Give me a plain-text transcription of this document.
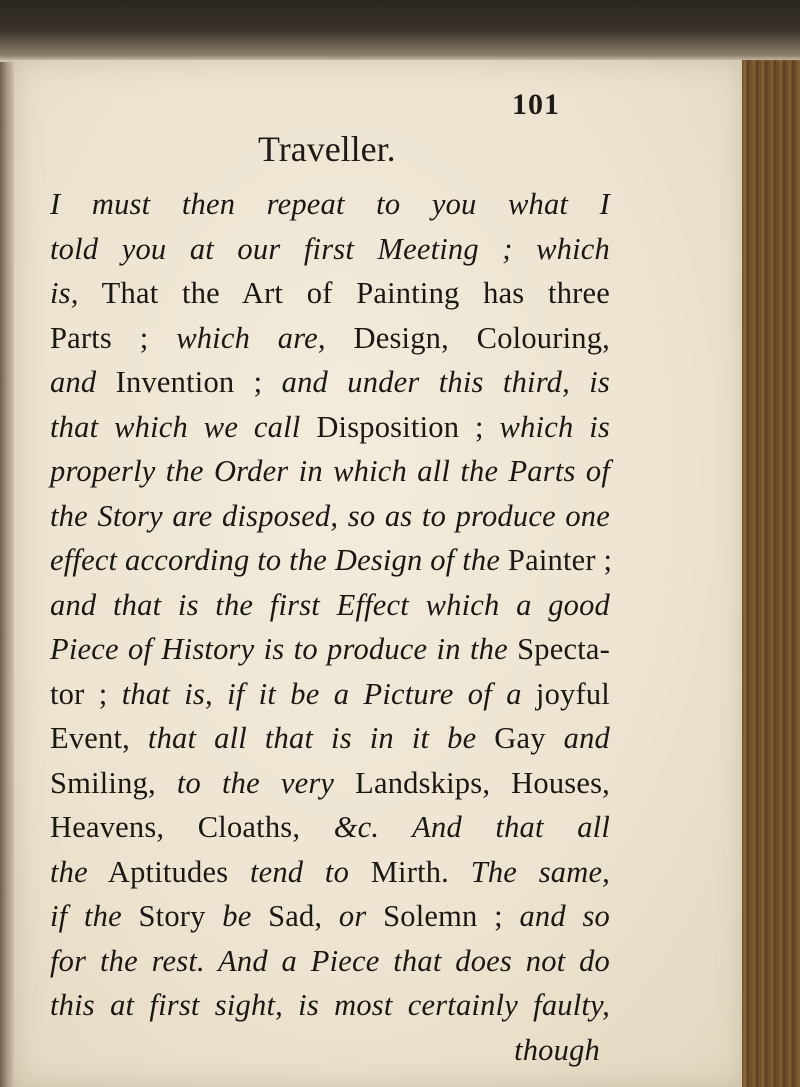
101
Traveller.
I must then repeat to you what I
told you at our first Meeting ; which
is, That the Art of Painting has three
Parts ; which are, Design, Colouring,
and Invention ; and under this third, is
that which we call Disposition ; which is
properly the Order in which all the Parts of
the Story are disposed, so as to produce one
effect according to the Design of the Painter ;
and that is the first Effect which a good
Piece of History is to produce in the Specta-
tor ; that is, if it be a Picture of a joyful
Event, that all that is in it be Gay and
Smiling, to the very Landskips, Houses,
Heavens, Cloaths, &c. And that all
the Aptitudes tend to Mirth. The same,
if the Story be Sad, or Solemn ; and so
for the rest. And a Piece that does not do
this at first sight, is most certainly faulty,
though
